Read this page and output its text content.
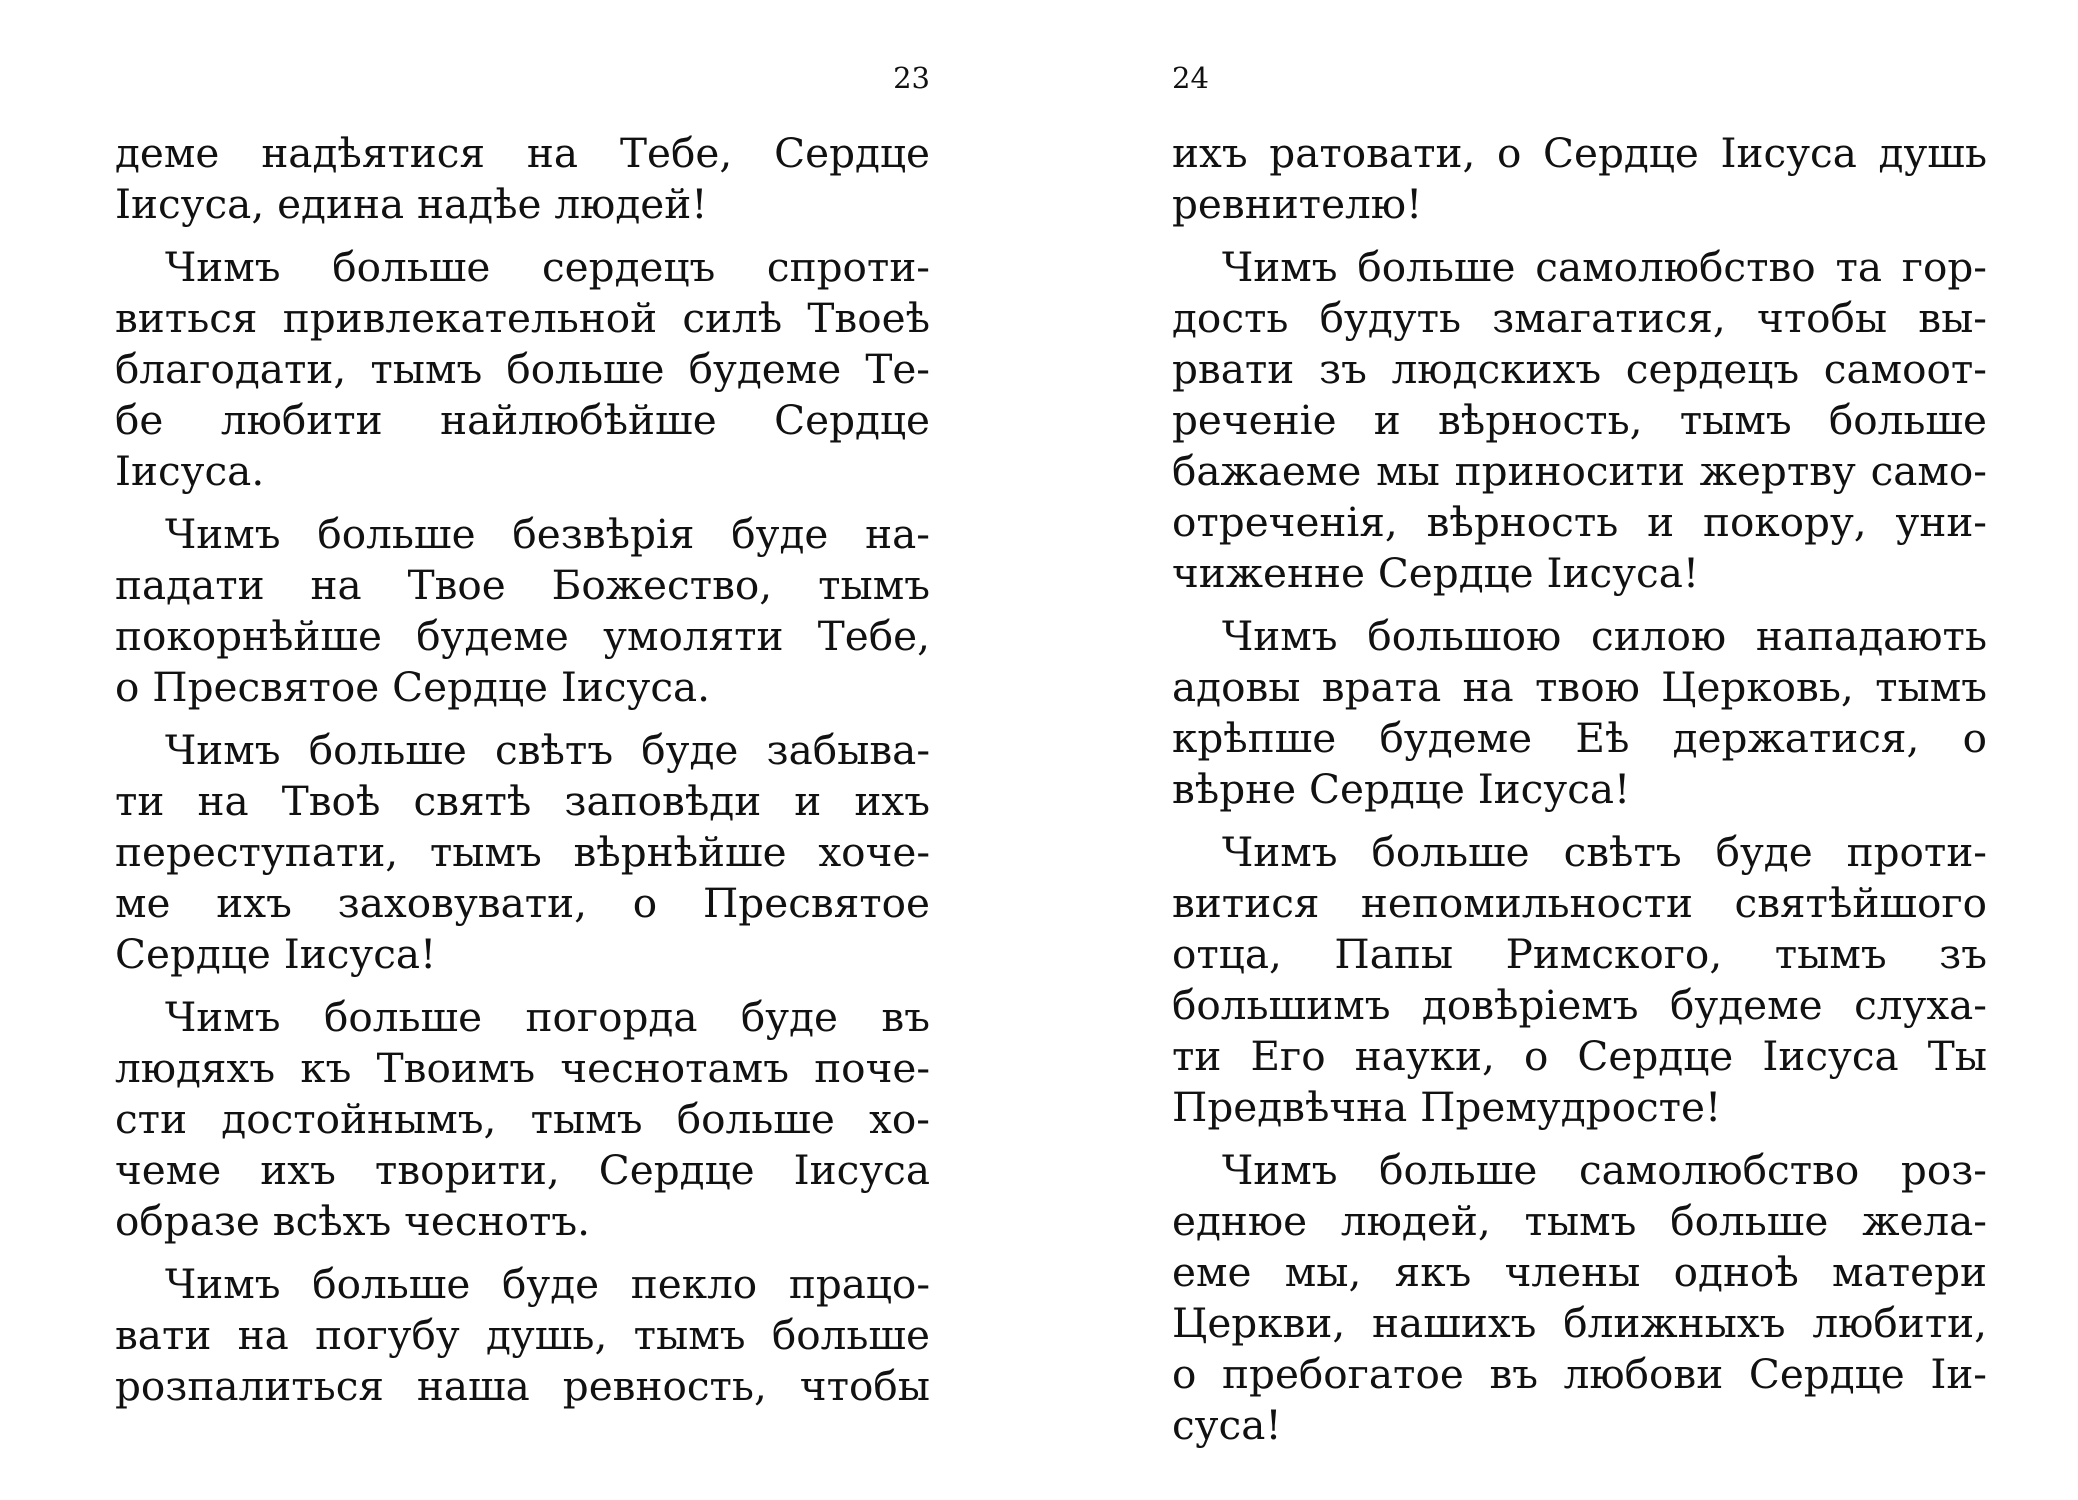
23
деме надѣятися на Тебе, Сердце
Іисуса, едина надѣе людей!
Чимъ больше сердецъ спроти-
виться привлекательной силѣ Твоеѣ
благодати, тымъ больше будеме Те-
бе любити найлюбѣйше Сердце
Іисуса.
Чимъ больше безвѣрія буде на-
падати на Твое Божество, тымъ
покорнѣйше будеме умоляти Тебе,
о Пресвятое Сердце Іисуса.
Чимъ больше свѣтъ буде забыва-
ти на Твоѣ святѣ заповѣди и ихъ
переступати, тымъ вѣрнѣйше хоче-
ме ихъ заховувати, о Пресвятое
Сердце Іисуса!
Чимъ больше погорда буде въ
людяхъ къ Твоимъ чеснотамъ поче-
сти достойнымъ, тымъ больше хо-
чеме ихъ творити, Сердце Іисуса
образе всѣхъ чеснотъ.
Чимъ больше буде пекло працо-
вати на погубу душь, тымъ больше
розпалиться наша ревность, чтобы
24
ихъ ратовати, о Сердце Іисуса душь
ревнителю!
Чимъ больше самолюбство та гор-
дость будуть змагатися, чтобы вы-
рвати зъ людскихъ сердецъ самоот-
реченіе и вѣрность, тымъ больше
бажаеме мы приносити жертву само-
отреченія, вѣрность и покору, уни-
чиженне Сердце Іисуса!
Чимъ большою силою нападають
адовы врата на твою Церковь, тымъ
крѣпше будеме Еѣ держатися, о
вѣрне Сердце Іисуса!
Чимъ больше свѣтъ буде проти-
витися непомильности святѣйшого
отца, Папы Римского, тымъ зъ
большимъ довѣріемъ будеме слуха-
ти Его науки, о Сердце Іисуса Ты
Предвѣчна Премудросте!
Чимъ больше самолюбство роз-
еднюе людей, тымъ больше жела-
еме мы, якъ члены однoѣ матери
Церкви, нашихъ ближныхъ любити,
о пребогатое въ любови Сердце Іи-
суса!
